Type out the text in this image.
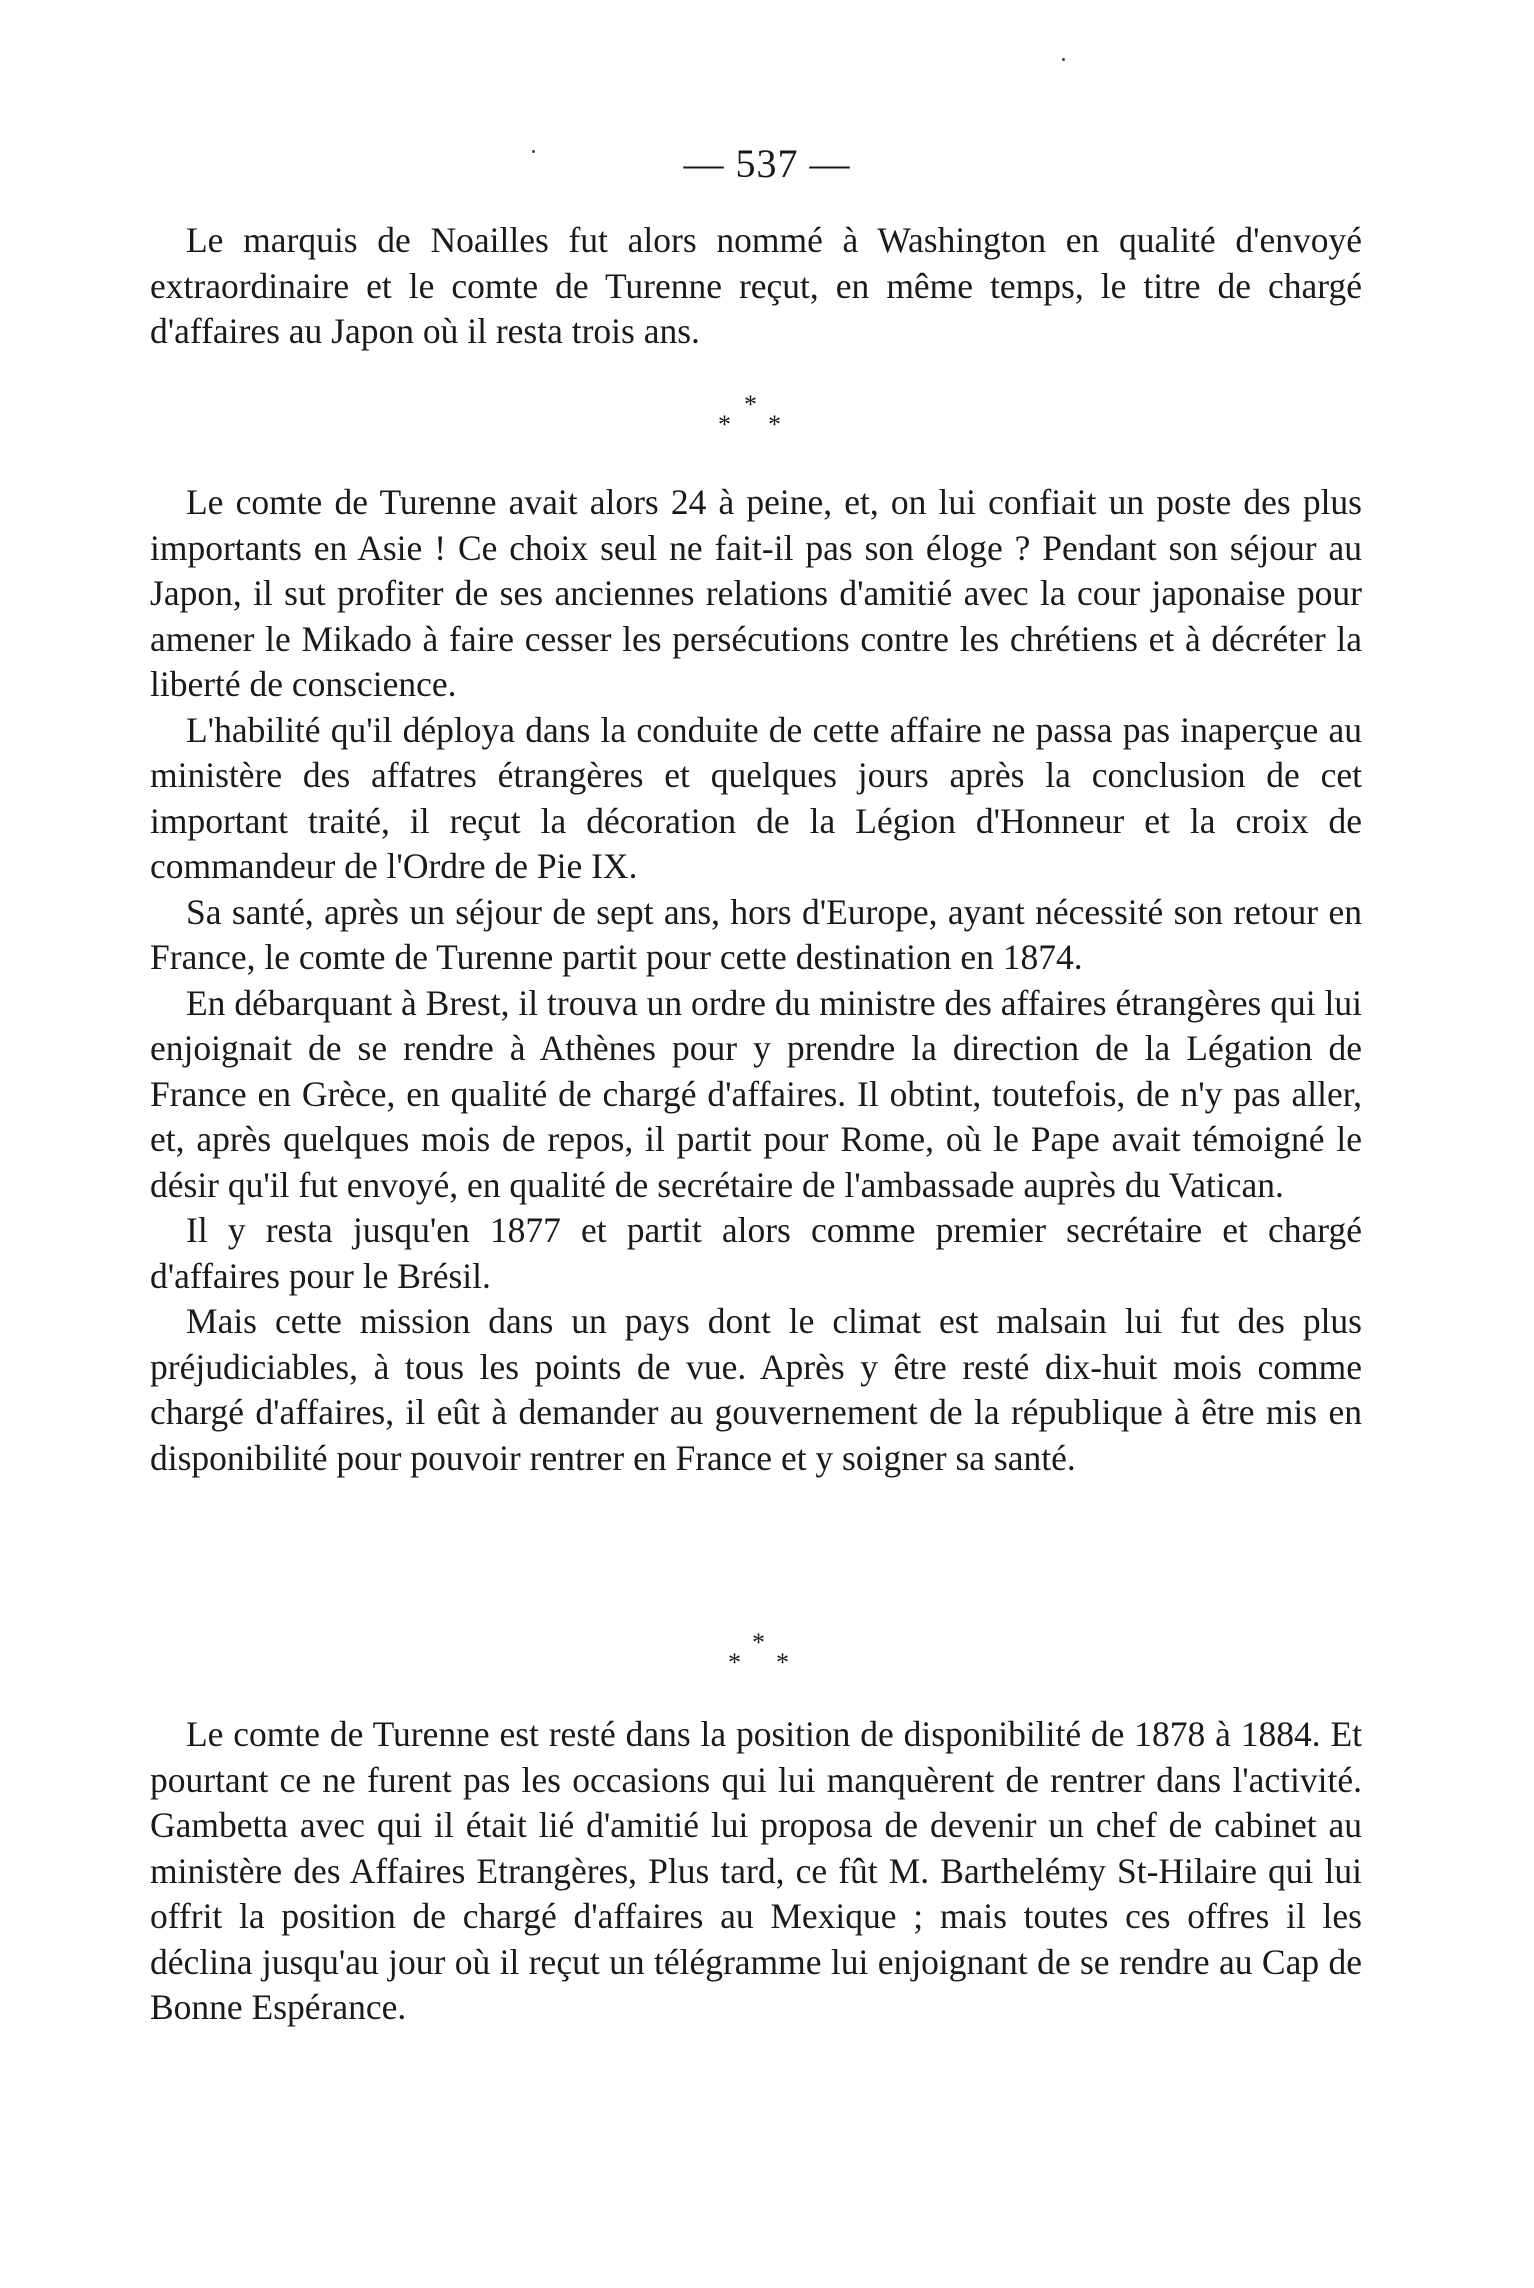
— 537 —

Le marquis de Noailles fut alors nommé à Washington en qualité d'envoyé extraordinaire et le comte de Turenne reçut, en même temps, le titre de chargé d'affaires au Japon où il resta trois ans.

*
* *

Le comte de Turenne avait alors 24 à peine, et, on lui confiait un poste des plus importants en Asie ! Ce choix seul ne fait-il pas son éloge ? Pendant son séjour au Japon, il sut profiter de ses anciennes relations d'amitié avec la cour japonaise pour amener le Mikado à faire cesser les persécutions contre les chrétiens et à décréter la liberté de conscience.

L'habilité qu'il déploya dans la conduite de cette affaire ne passa pas inaperçue au ministère des affatres étrangères et quelques jours après la conclusion de cet important traité, il reçut la décoration de la Légion d'Honneur et la croix de commandeur de l'Ordre de Pie IX.

Sa santé, après un séjour de sept ans, hors d'Europe, ayant nécessité son retour en France, le comte de Turenne partit pour cette destination en 1874.

En débarquant à Brest, il trouva un ordre du ministre des affaires étrangères qui lui enjoignait de se rendre à Athènes pour y prendre la direction de la Légation de France en Grèce, en qualité de chargé d'affaires. Il obtint, toutefois, de n'y pas aller, et, après quelques mois de repos, il partit pour Rome, où le Pape avait témoigné le désir qu'il fut envoyé, en qualité de secrétaire de l'ambassade auprès du Vatican.

Il y resta jusqu'en 1877 et partit alors comme premier secrétaire et chargé d'affaires pour le Brésil.

Mais cette mission dans un pays dont le climat est malsain lui fut des plus préjudiciables, à tous les points de vue. Après y être resté dix-huit mois comme chargé d'affaires, il eût à demander au gouvernement de la république à être mis en disponibilité pour pouvoir rentrer en France et y soigner sa santé.

*
* *

Le comte de Turenne est resté dans la position de disponibilité de 1878 à 1884. Et pourtant ce ne furent pas les occasions qui lui manquèrent de rentrer dans l'activité. Gambetta avec qui il était lié d'amitié lui proposa de devenir un chef de cabinet au ministère des Affaires Etrangères, Plus tard, ce fût M. Barthelémy St-Hilaire qui lui offrit la position de chargé d'affaires au Mexique ; mais toutes ces offres il les déclina jusqu'au jour où il reçut un télégramme lui enjoignant de se rendre au Cap de Bonne Espérance.
